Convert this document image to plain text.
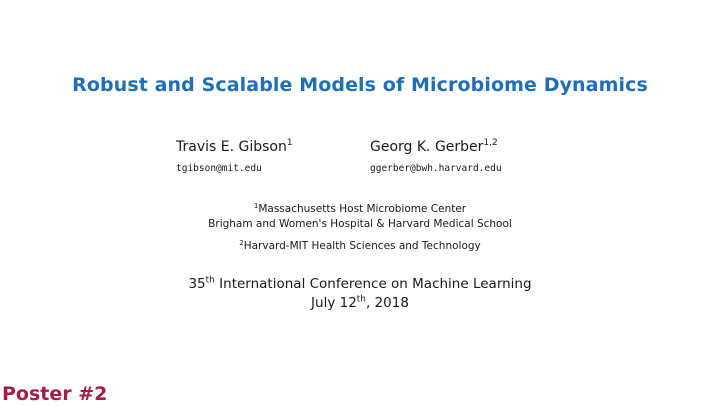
Robust and Scalable Models of Microbiome Dynamics
Travis E. Gibson$^1$
tgibson@mit.edu
Georg K. Gerber$^{1,2}$
ggerber@bwh.harvard.edu
$^1$Massachusetts Host Microbiome Center
Brigham and Women's Hospital & Harvard Medical School
$^2$Harvard-MIT Health Sciences and Technology
35th International Conference on Machine Learning
July 12th, 2018
Poster #2
